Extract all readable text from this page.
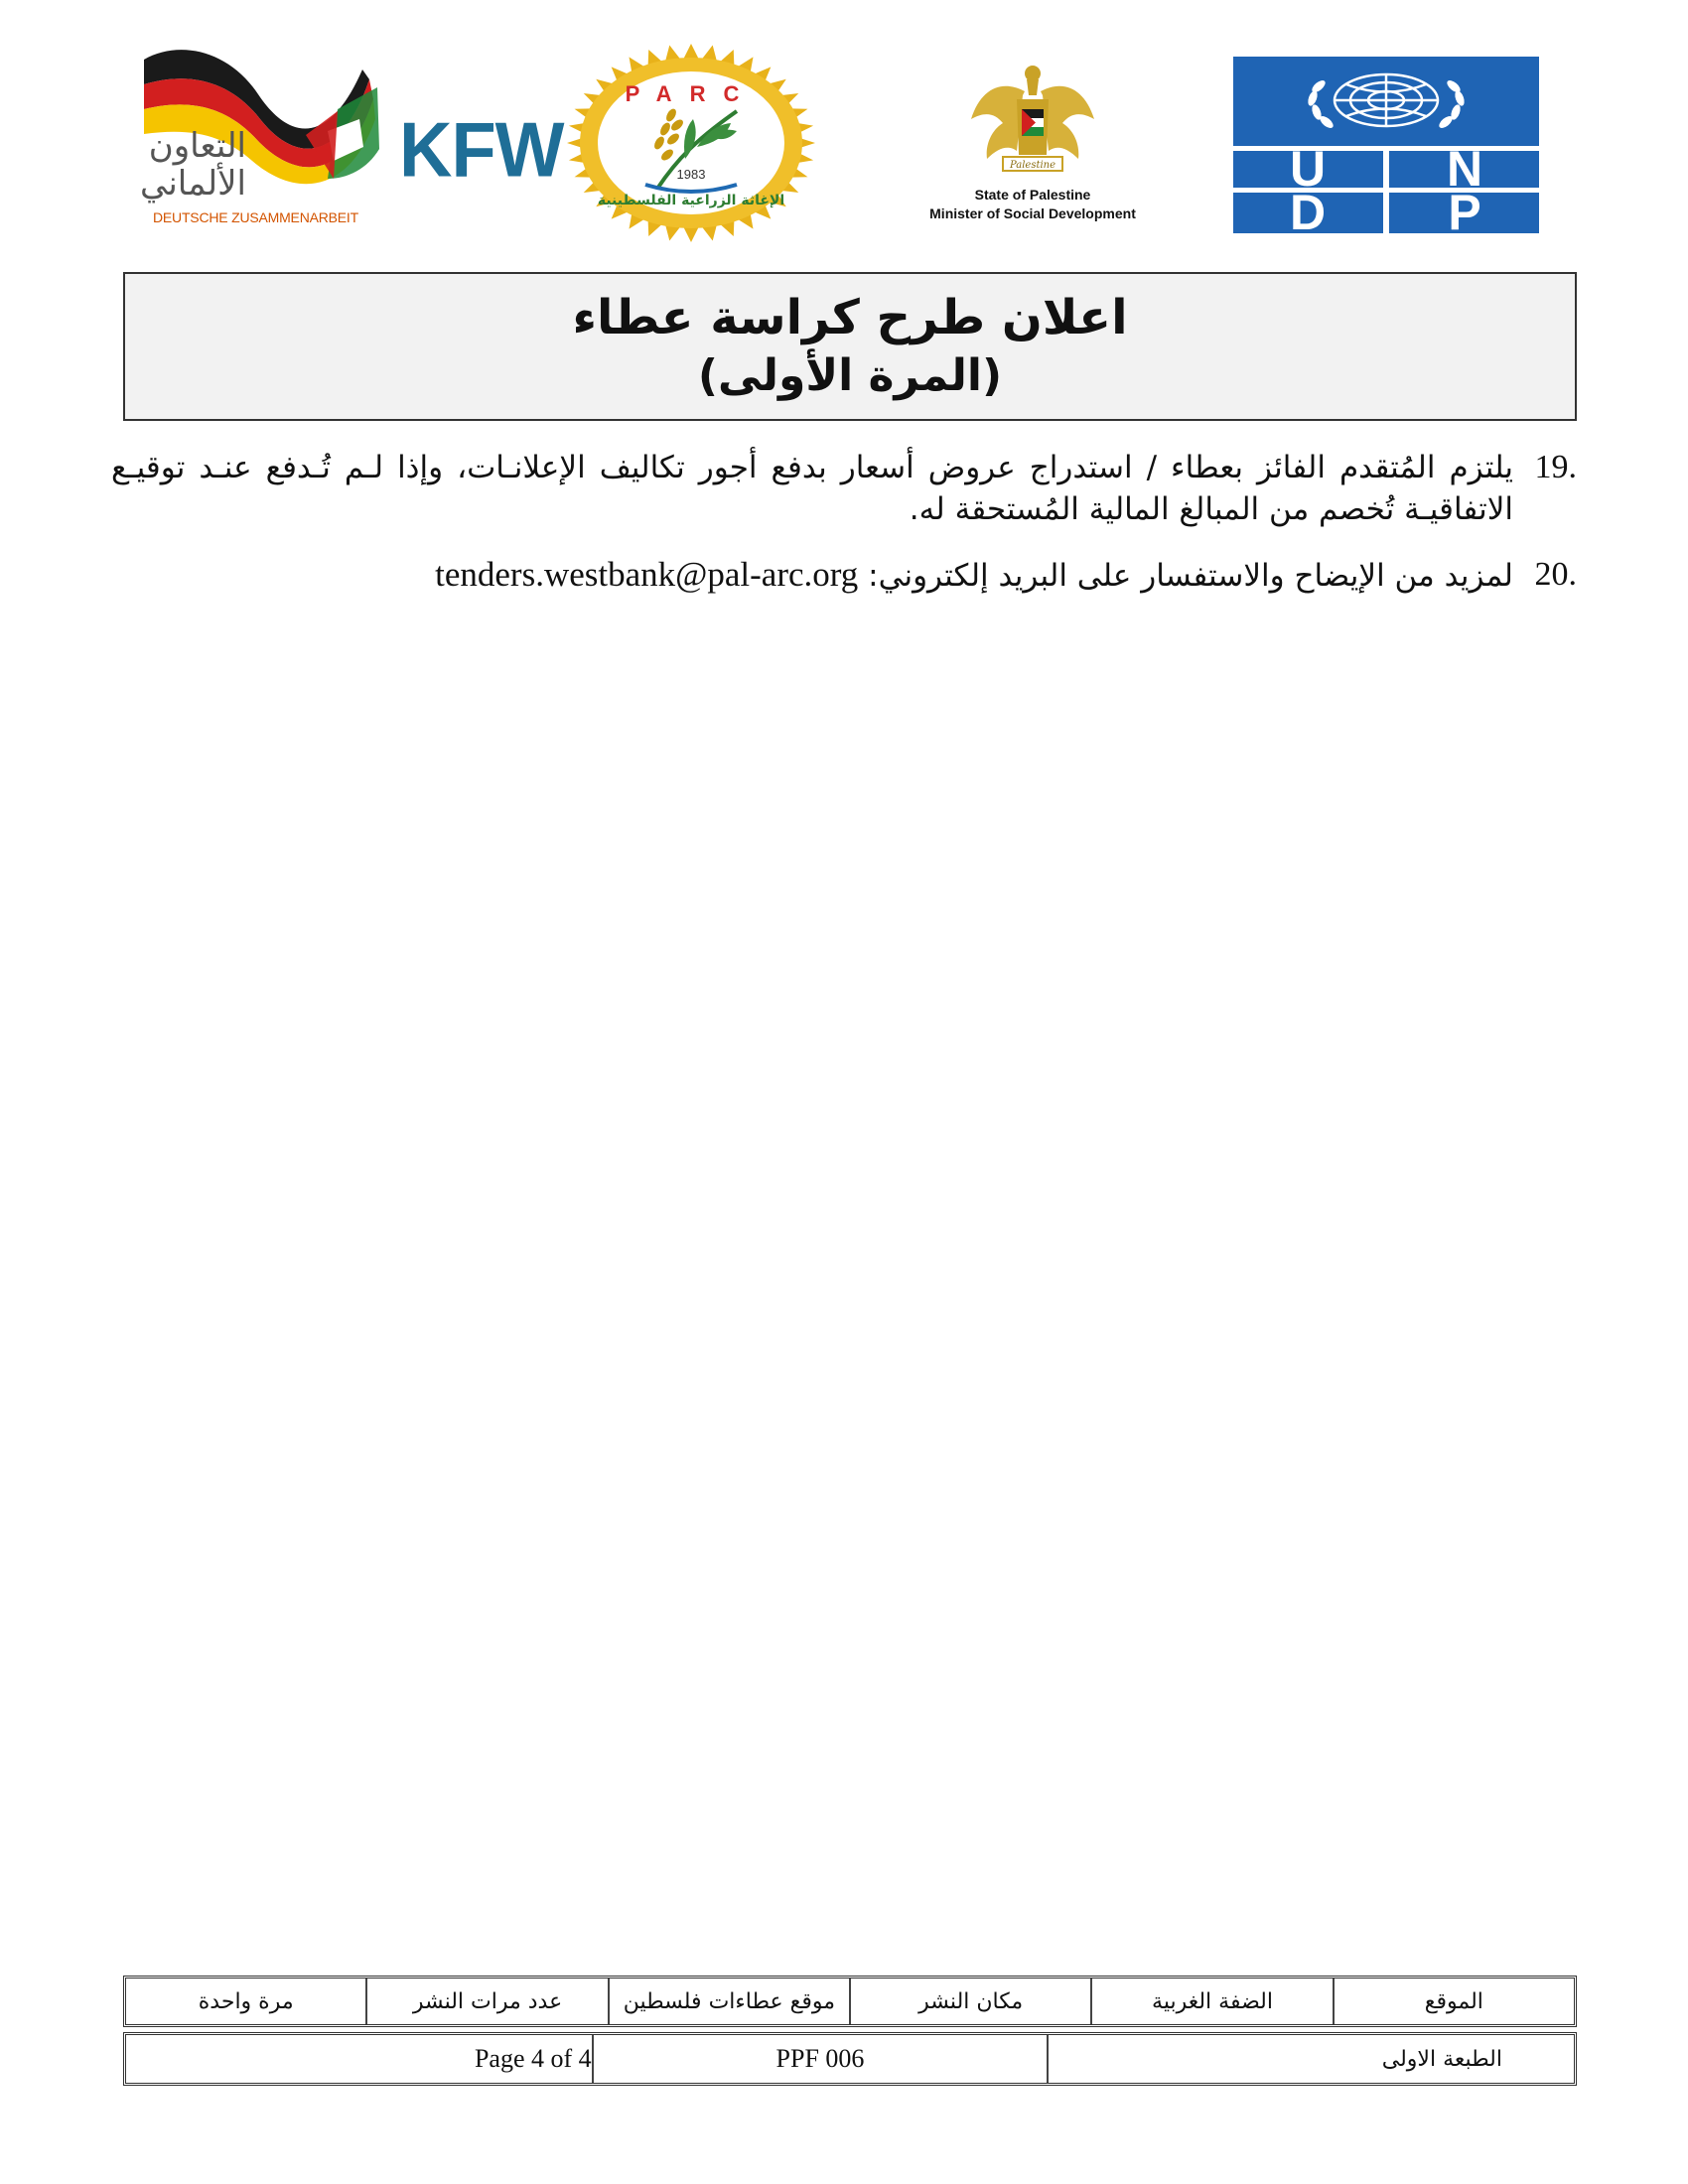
التعاون
الألماني
DEUTSCHE ZUSAMMENARBEIT
KFW
PARC
1983
الإغاثة الزراعية الفلسطينية
Palestine
State of Palestine
Minister of Social Development
U N
D P
اعلان طرح كراسة عطاء
(المرة الأولى)
19.
يلتزم المُتقدم الفائز بعطاء / استدراج عروض أسعار بدفع أجور تكاليف الإعلانـات، وإذا لـم تُـدفع عنـد توقيـع الاتفاقيـة تُخصم من المبالغ المالية المُستحقة له.
20.
لمزيد من الإيضاح والاستفسار على البريد إلكتروني: tenders.westbank@pal-arc.org
الموقع
الضفة الغربية
مكان النشر
موقع عطاءات فلسطين
عدد مرات النشر
مرة واحدة
الطبعة الاولى
PPF 006
Page 4 of 4
